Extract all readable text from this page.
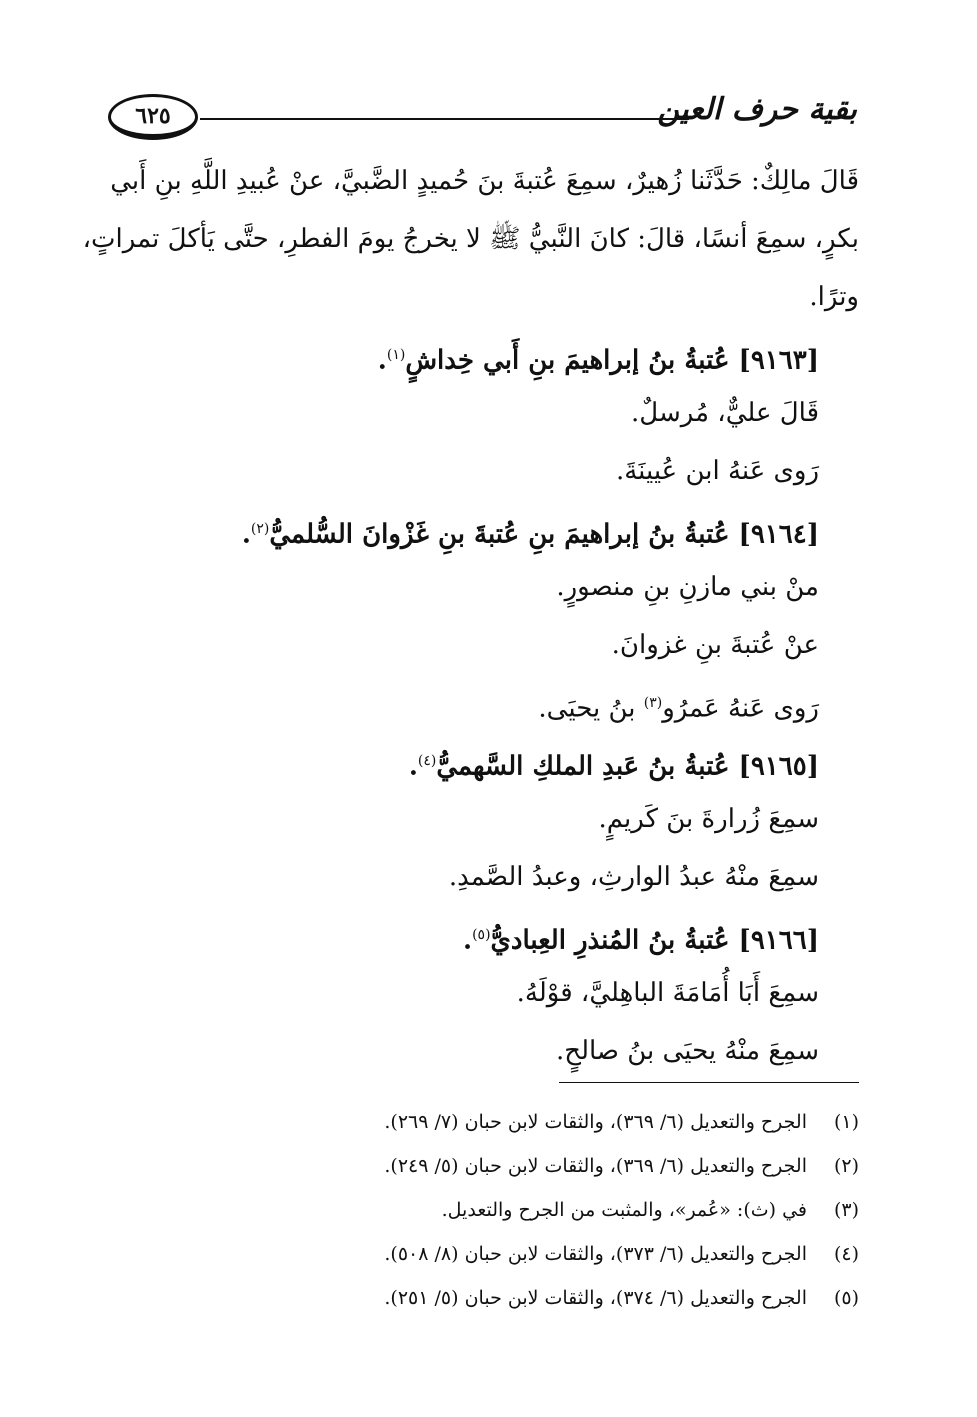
بقية حرف العين
٦٢٥
قَالَ مالِكٌ: حَدَّثَنا زُهيرٌ، سمِعَ عُتبةَ بنَ حُميدٍ الضَّبيَّ، عنْ عُبيدِ اللَّهِ بنِ أَبي
بكرٍ، سمِعَ أنسًا، قالَ: كانَ النَّبيُّ ﷺ لا يخرجُ يومَ الفطرِ، حتَّى يَأكلَ تمراتٍ،
وترًا.
[٩١٦٣] عُتبةُ بنُ إبراهيمَ بنِ أَبي خِداشٍ$^{(١)}$.
قَالَ عليٌّ، مُرسلٌ.
رَوى عَنهُ ابن عُيينَةَ.
[٩١٦٤] عُتبةُ بنُ إبراهيمَ بنِ عُتبةَ بنِ غَزْوانَ السُّلميُّ$^{(٢)}$.
منْ بني مازنِ بنِ منصورٍ.
عنْ عُتبةَ بنِ غزوانَ.
رَوى عَنهُ عَمرُو$^{(٣)}$ بنُ يحيَى.
[٩١٦٥] عُتبةُ بنُ عَبدِ الملكِ السَّهميُّ$^{(٤)}$.
سمِعَ زُرارةَ بنَ كَريمٍ.
سمِعَ منْهُ عبدُ الوارثِ، وعبدُ الصَّمدِ.
[٩١٦٦] عُتبةُ بنُ المُنذرِ العِباديُّ$^{(٥)}$.
سمِعَ أَبَا أُمَامَةَ الباهِليَّ، قوْلَهُ.
سمِعَ منْهُ يحيَى بنُ صالحٍ.
(١)الجرح والتعديل (٦/ ٣٦٩)، والثقات لابن حبان (٧/ ٢٦٩).
(٢)الجرح والتعديل (٦/ ٣٦٩)، والثقات لابن حبان (٥/ ٢٤٩).
(٣)في (ث): «عُمر»، والمثبت من الجرح والتعديل.
(٤)الجرح والتعديل (٦/ ٣٧٣)، والثقات لابن حبان (٨/ ٥٠٨).
(٥)الجرح والتعديل (٦/ ٣٧٤)، والثقات لابن حبان (٥/ ٢٥١).
